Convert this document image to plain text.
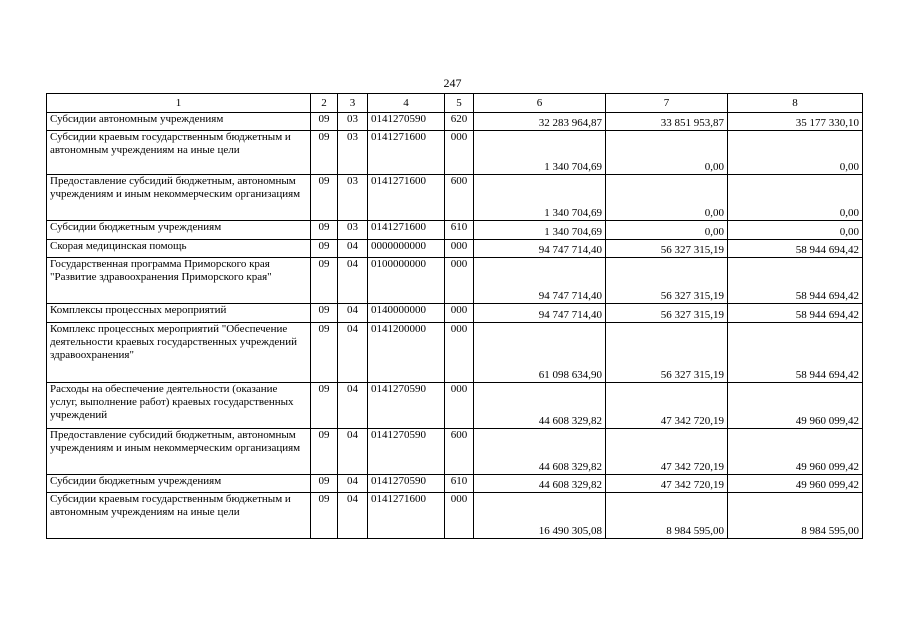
247
1	2	3	4	5	6	7	8
Субсидии автономным учреждениям	09	03	0141270590	620	32 283 964,87	33 851 953,87	35 177 330,10
Субсидии краевым государственным бюджетным и автономным учреждениям на иные цели	09	03	0141271600	000	1 340 704,69	0,00	0,00
Предоставление субсидий бюджетным, автономным учреждениям и иным некоммерческим организациям	09	03	0141271600	600	1 340 704,69	0,00	0,00
Субсидии бюджетным учреждениям	09	03	0141271600	610	1 340 704,69	0,00	0,00
Скорая медицинская помощь	09	04	0000000000	000	94 747 714,40	56 327 315,19	58 944 694,42
Государственная программа Приморского края "Развитие здравоохранения Приморского края"	09	04	0100000000	000	94 747 714,40	56 327 315,19	58 944 694,42
Комплексы процессных мероприятий	09	04	0140000000	000	94 747 714,40	56 327 315,19	58 944 694,42
Комплекс процессных мероприятий "Обеспечение деятельности краевых государственных учреждений здравоохранения"	09	04	0141200000	000	61 098 634,90	56 327 315,19	58 944 694,42
Расходы на обеспечение деятельности (оказание услуг, выполнение работ) краевых государственных учреждений	09	04	0141270590	000	44 608 329,82	47 342 720,19	49 960 099,42
Предоставление субсидий бюджетным, автономным учреждениям и иным некоммерческим организациям	09	04	0141270590	600	44 608 329,82	47 342 720,19	49 960 099,42
Субсидии бюджетным учреждениям	09	04	0141270590	610	44 608 329,82	47 342 720,19	49 960 099,42
Субсидии краевым государственным бюджетным и автономным учреждениям на иные цели	09	04	0141271600	000	16 490 305,08	8 984 595,00	8 984 595,00
